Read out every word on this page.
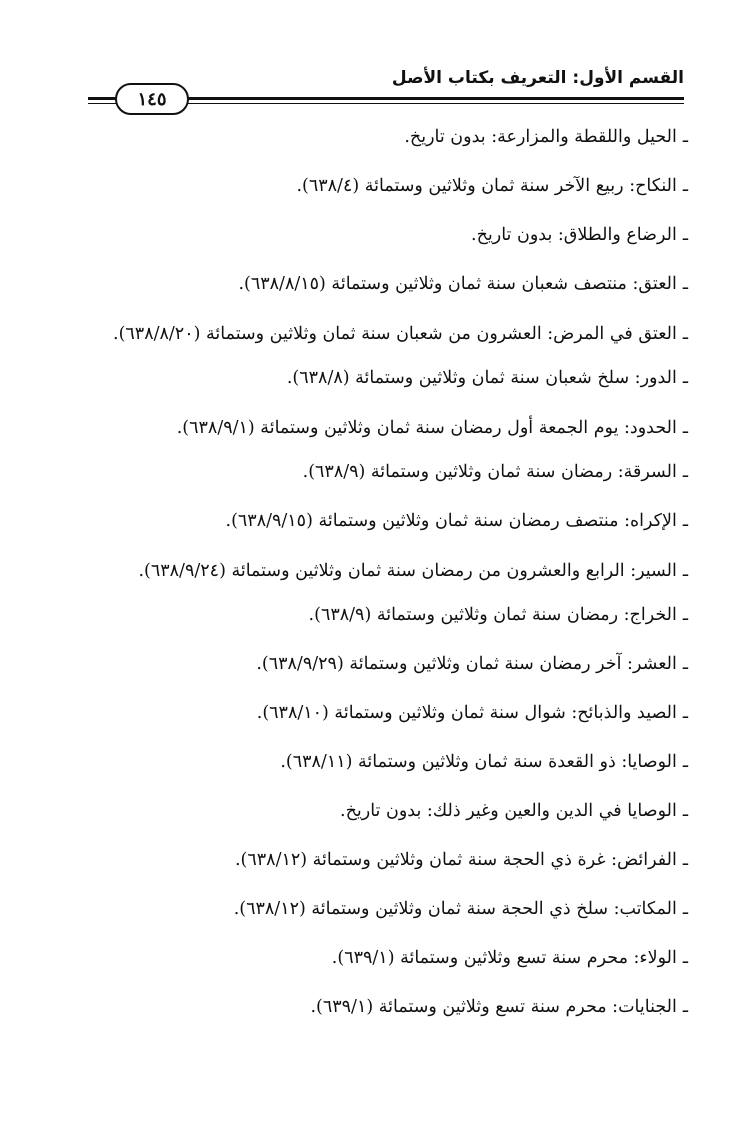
القسم الأول: التعريف بكتاب الأصل
١٤٥

ـالحيل واللقطة والمزارعة: بدون تاريخ.

ـالنكاح: ربيع الآخر سنة ثمان وثلاثين وستمائة (٦٣٨/٤).

ـالرضاع والطلاق: بدون تاريخ.

ـالعتق: منتصف شعبان سنة ثمان وثلاثين وستمائة (٦٣٨/٨/١٥).

ـالعتق في المرض: العشرون من شعبان سنة ثمان وثلاثين وستمائة (٦٣٨/٨/٢٠).

ـالدور: سلخ شعبان سنة ثمان وثلاثين وستمائة (٦٣٨/٨).

ـالحدود: يوم الجمعة أول رمضان سنة ثمان وثلاثين وستمائة (٦٣٨/٩/١).

ـالسرقة: رمضان سنة ثمان وثلاثين وستمائة (٦٣٨/٩).

ـالإكراه: منتصف رمضان سنة ثمان وثلاثين وستمائة (٦٣٨/٩/١٥).

ـالسير: الرابع والعشرون من رمضان سنة ثمان وثلاثين وستمائة (٦٣٨/٩/٢٤).

ـالخراج: رمضان سنة ثمان وثلاثين وستمائة (٦٣٨/٩).

ـالعشر: آخر رمضان سنة ثمان وثلاثين وستمائة (٦٣٨/٩/٢٩).

ـالصيد والذبائح: شوال سنة ثمان وثلاثين وستمائة (٦٣٨/١٠).

ـالوصايا: ذو القعدة سنة ثمان وثلاثين وستمائة (٦٣٨/١١).

ـالوصايا في الدين والعين وغير ذلك: بدون تاريخ.

ـالفرائض: غرة ذي الحجة سنة ثمان وثلاثين وستمائة (٦٣٨/١٢).

ـالمكاتب: سلخ ذي الحجة سنة ثمان وثلاثين وستمائة (٦٣٨/١٢).

ـالولاء: محرم سنة تسع وثلاثين وستمائة (٦٣٩/١).

ـالجنايات: محرم سنة تسع وثلاثين وستمائة (٦٣٩/١).
